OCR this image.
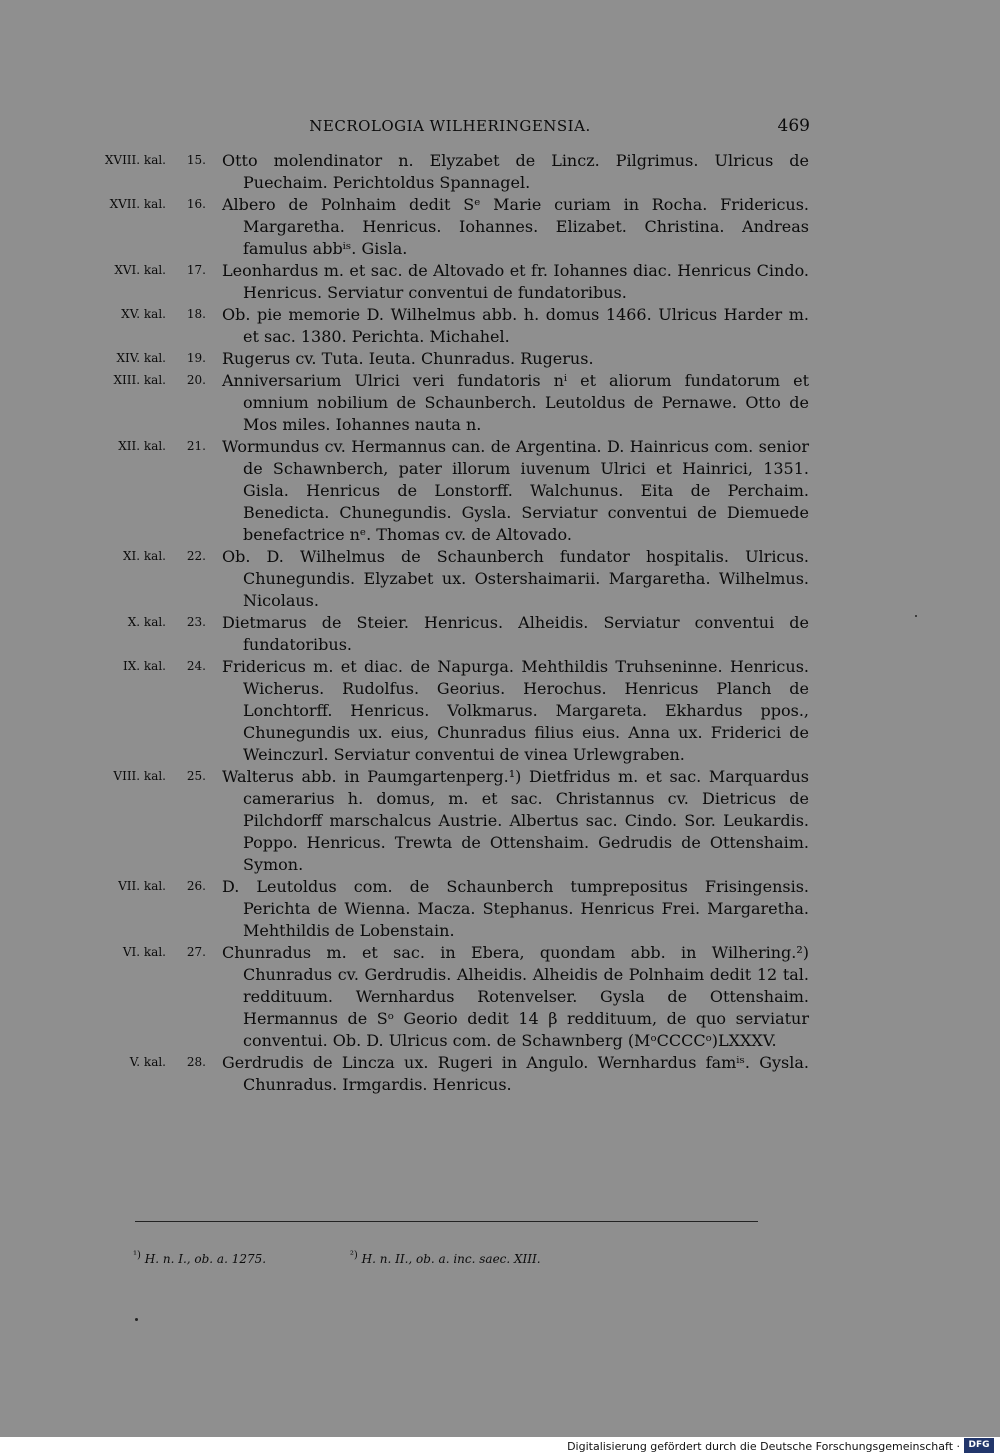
NECROLOGIA WILHERINGENSIA.	469
XVIII. kal.	15. Otto molendinator n. Elyzabet de Lincz. Pilgrimus. Ulricus de Puechaim. Perichtoldus Spannagel.
XVII. kal.	16. Albero de Polnhaim dedit Sᵉ Marie curiam in Rocha. Fridericus. Margaretha. Henricus. Iohannes. Elizabet. Christina. Andreas famulus abbⁱˢ. Gisla.
XVI. kal.	17. Leonhardus m. et sac. de Altovado et fr. Iohannes diac. Henricus Cindo. Henricus. Serviatur conventui de fundatoribus.
XV. kal.	18. Ob. pie memorie D. Wilhelmus abb. h. domus 1466. Ulricus Harder m. et sac. 1380. Perichta. Michahel.
XIV. kal.	19. Rugerus cv. Tuta. Ieuta. Chunradus. Rugerus.
XIII. kal.	20. Anniversarium Ulrici veri fundatoris nⁱ et aliorum fundatorum et omnium nobilium de Schaunberch. Leutoldus de Pernawe. Otto de Mos miles. Iohannes nauta n.
XII. kal.	21. Wormundus cv. Hermannus can. de Argentina. D. Hainricus com. senior de Schawnberch, pater illorum iuvenum Ulrici et Hainrici, 1351. Gisla. Henricus de Lonstorff. Walchunus. Eita de Perchaim. Benedicta. Chunegundis. Gysla. Serviatur conventui de Diemuede benefactrice nᵉ. Thomas cv. de Altovado.
XI. kal.	22. Ob. D. Wilhelmus de Schaunberch fundator hospitalis. Ulricus. Chunegundis. Elyzabet ux. Ostershaimarii. Margaretha. Wilhelmus. Nicolaus.
X. kal.	23. Dietmarus de Steier. Henricus. Alheidis. Serviatur conventui de fundatoribus.
IX. kal.	24. Fridericus m. et diac. de Napurga. Mehthildis Truhseninne. Henricus. Wicherus. Rudolfus. Georius. Herochus. Henricus Planch de Lonchtorff. Henricus. Volkmarus. Margareta. Ekhardus ppos., Chunegundis ux. eius, Chunradus filius eius. Anna ux. Friderici de Weinczurl. Serviatur conventui de vinea Urlewgraben.
VIII. kal.	25. Walterus abb. in Paumgartenperg.¹) Dietfridus m. et sac. Marquardus camerarius h. domus, m. et sac. Christannus cv. Dietricus de Pilchdorff marschalcus Austrie. Albertus sac. Cindo. Sor. Leukardis. Poppo. Henricus. Trewta de Ottenshaim. Gedrudis de Ottenshaim. Symon.
VII. kal.	26. D. Leutoldus com. de Schaunberch tumprepositus Frisingensis. Perichta de Wienna. Macza. Stephanus. Henricus Frei. Margaretha. Mehthildis de Lobenstain.
VI. kal.	27. Chunradus m. et sac. in Ebera, quondam abb. in Wilhering.²) Chunradus cv. Gerdrudis. Alheidis. Alheidis de Polnhaim dedit 12 tal. reddituum. Wernhardus Rotenvelser. Gysla de Ottenshaim. Hermannus de Sᵒ Georio dedit 14 β reddituum, de quo serviatur conventui. Ob. D. Ulricus com. de Schawnberg (MᵒCCCCᵒ)LXXXV.
V. kal.	28. Gerdrudis de Lincza ux. Rugeri in Angulo. Wernhardus famⁱˢ. Gysla. Chunradus. Irmgardis. Henricus.
$^{^1)}$ H. n. I., ob. a. 1275.	$^{^2)}$ H. n. II., ob. a. inc. saec. XIII.
Digitalisierung gefördert durch die Deutsche Forschungsgemeinschaft · DFG
